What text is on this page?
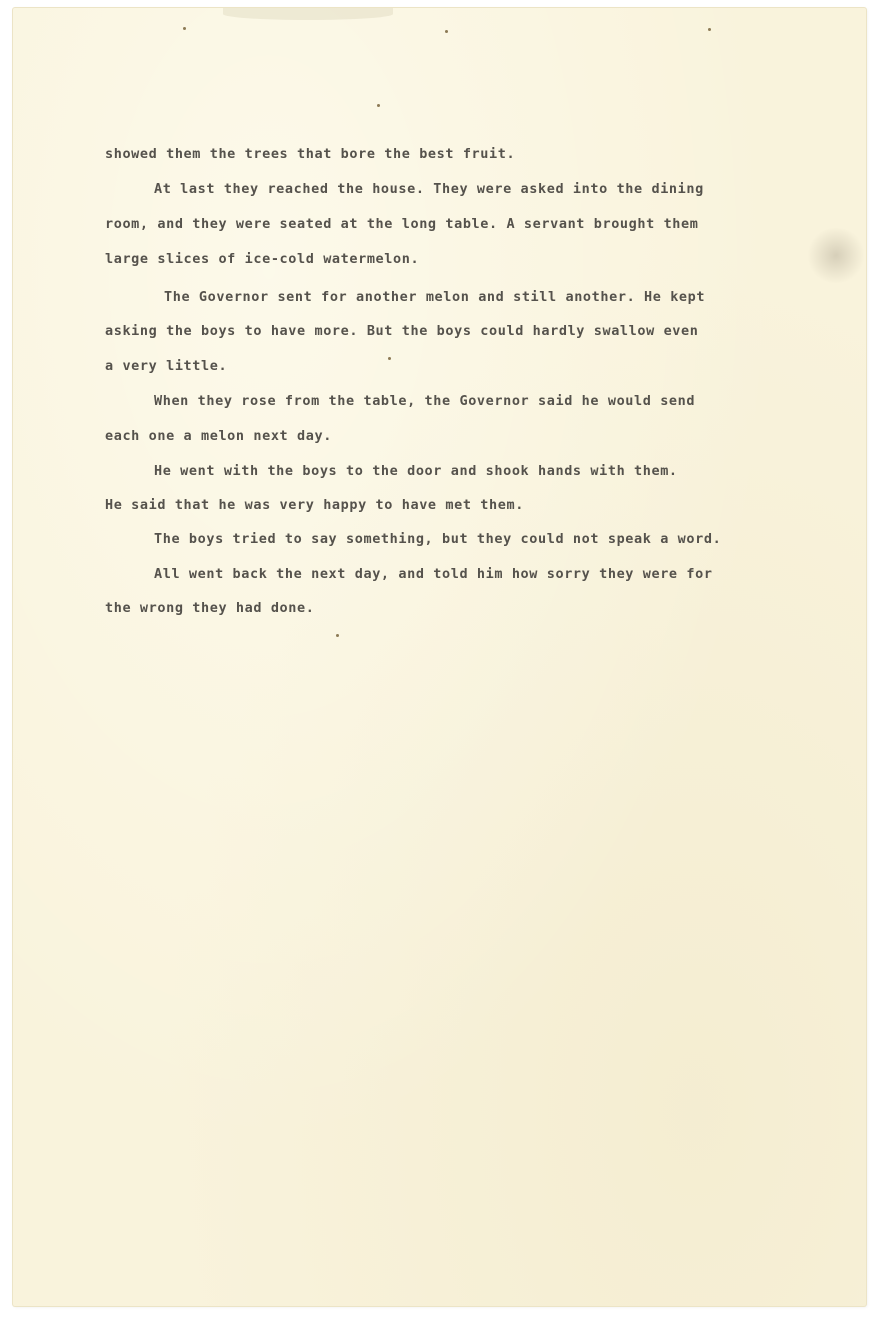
showed them the trees that bore the best fruit.
At last they reached the house. They were asked into the dining
room, and they were seated at the long table. A servant brought them
large slices of ice-cold watermelon.
The Governor sent for another melon and still another. He kept
asking the boys to have more. But the boys could hardly swallow even
a very little.
When they rose from the table, the Governor said he would send
each one a melon next day.
He went with the boys to the door and shook hands with them.
He said that he was very happy to have met them.
The boys tried to say something, but they could not speak a word.
All went back the next day, and told him how sorry they were for
the wrong they had done.
